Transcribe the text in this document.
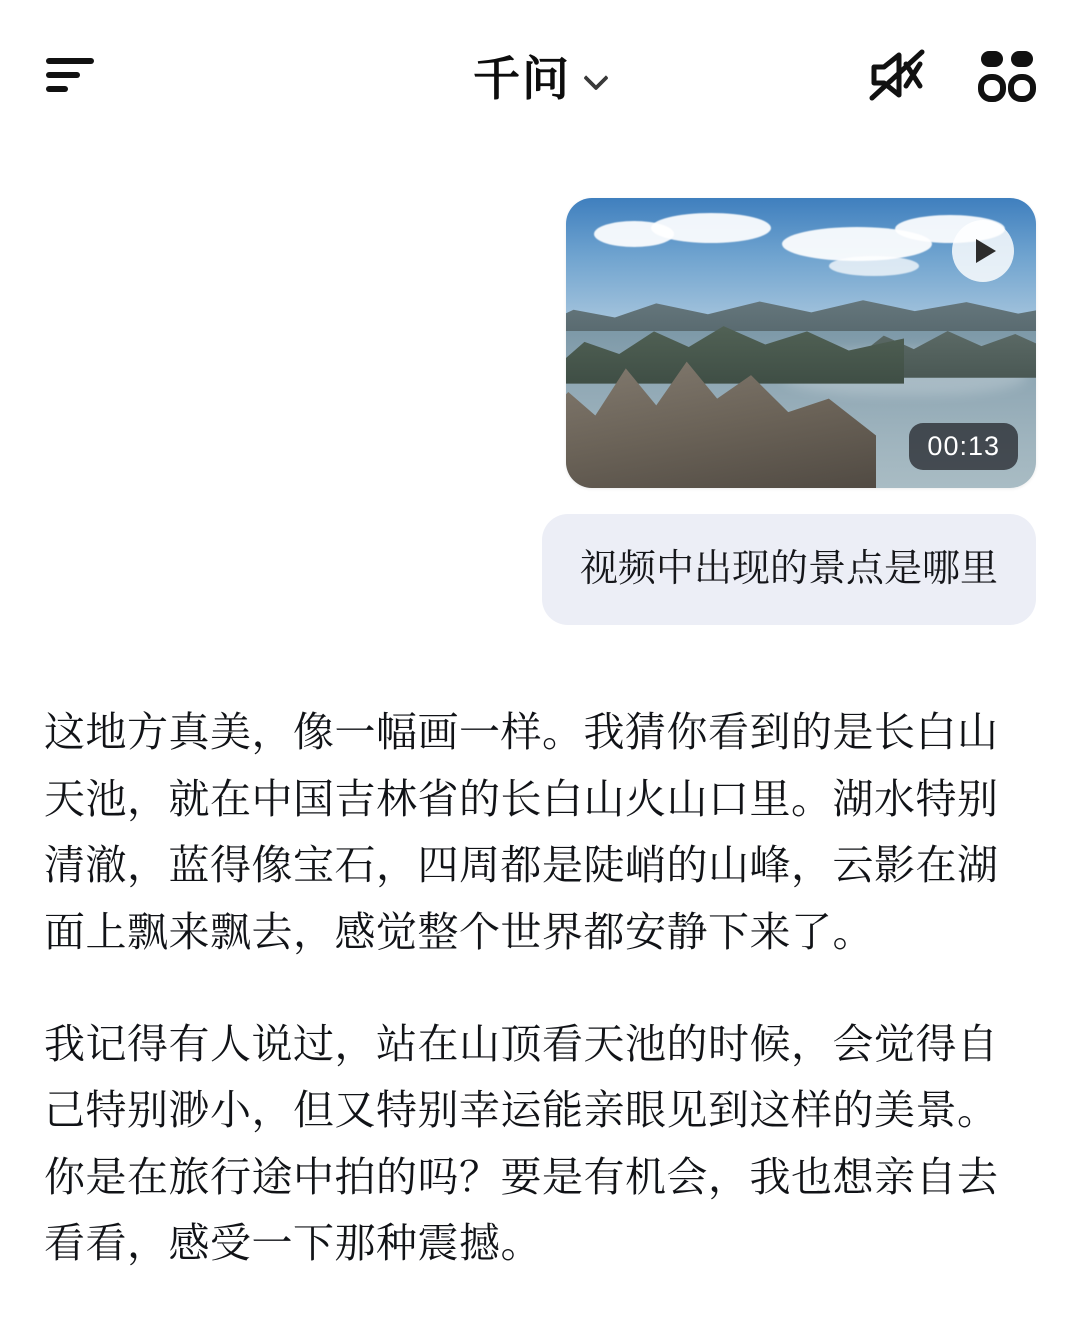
千问
00:13
视频中出现的景点是哪里

这地方真美，像一幅画一样。我猜你看到的是长白山天池，就在中国吉林省的长白山火山口里。湖水特别清澈，蓝得像宝石，四周都是陡峭的山峰，云影在湖面上飘来飘去，感觉整个世界都安静下来了。

我记得有人说过，站在山顶看天池的时候，会觉得自己特别渺小，但又特别幸运能亲眼见到这样的美景。你是在旅行途中拍的吗？要是有机会，我也想亲自去看看，感受一下那种震撼。
